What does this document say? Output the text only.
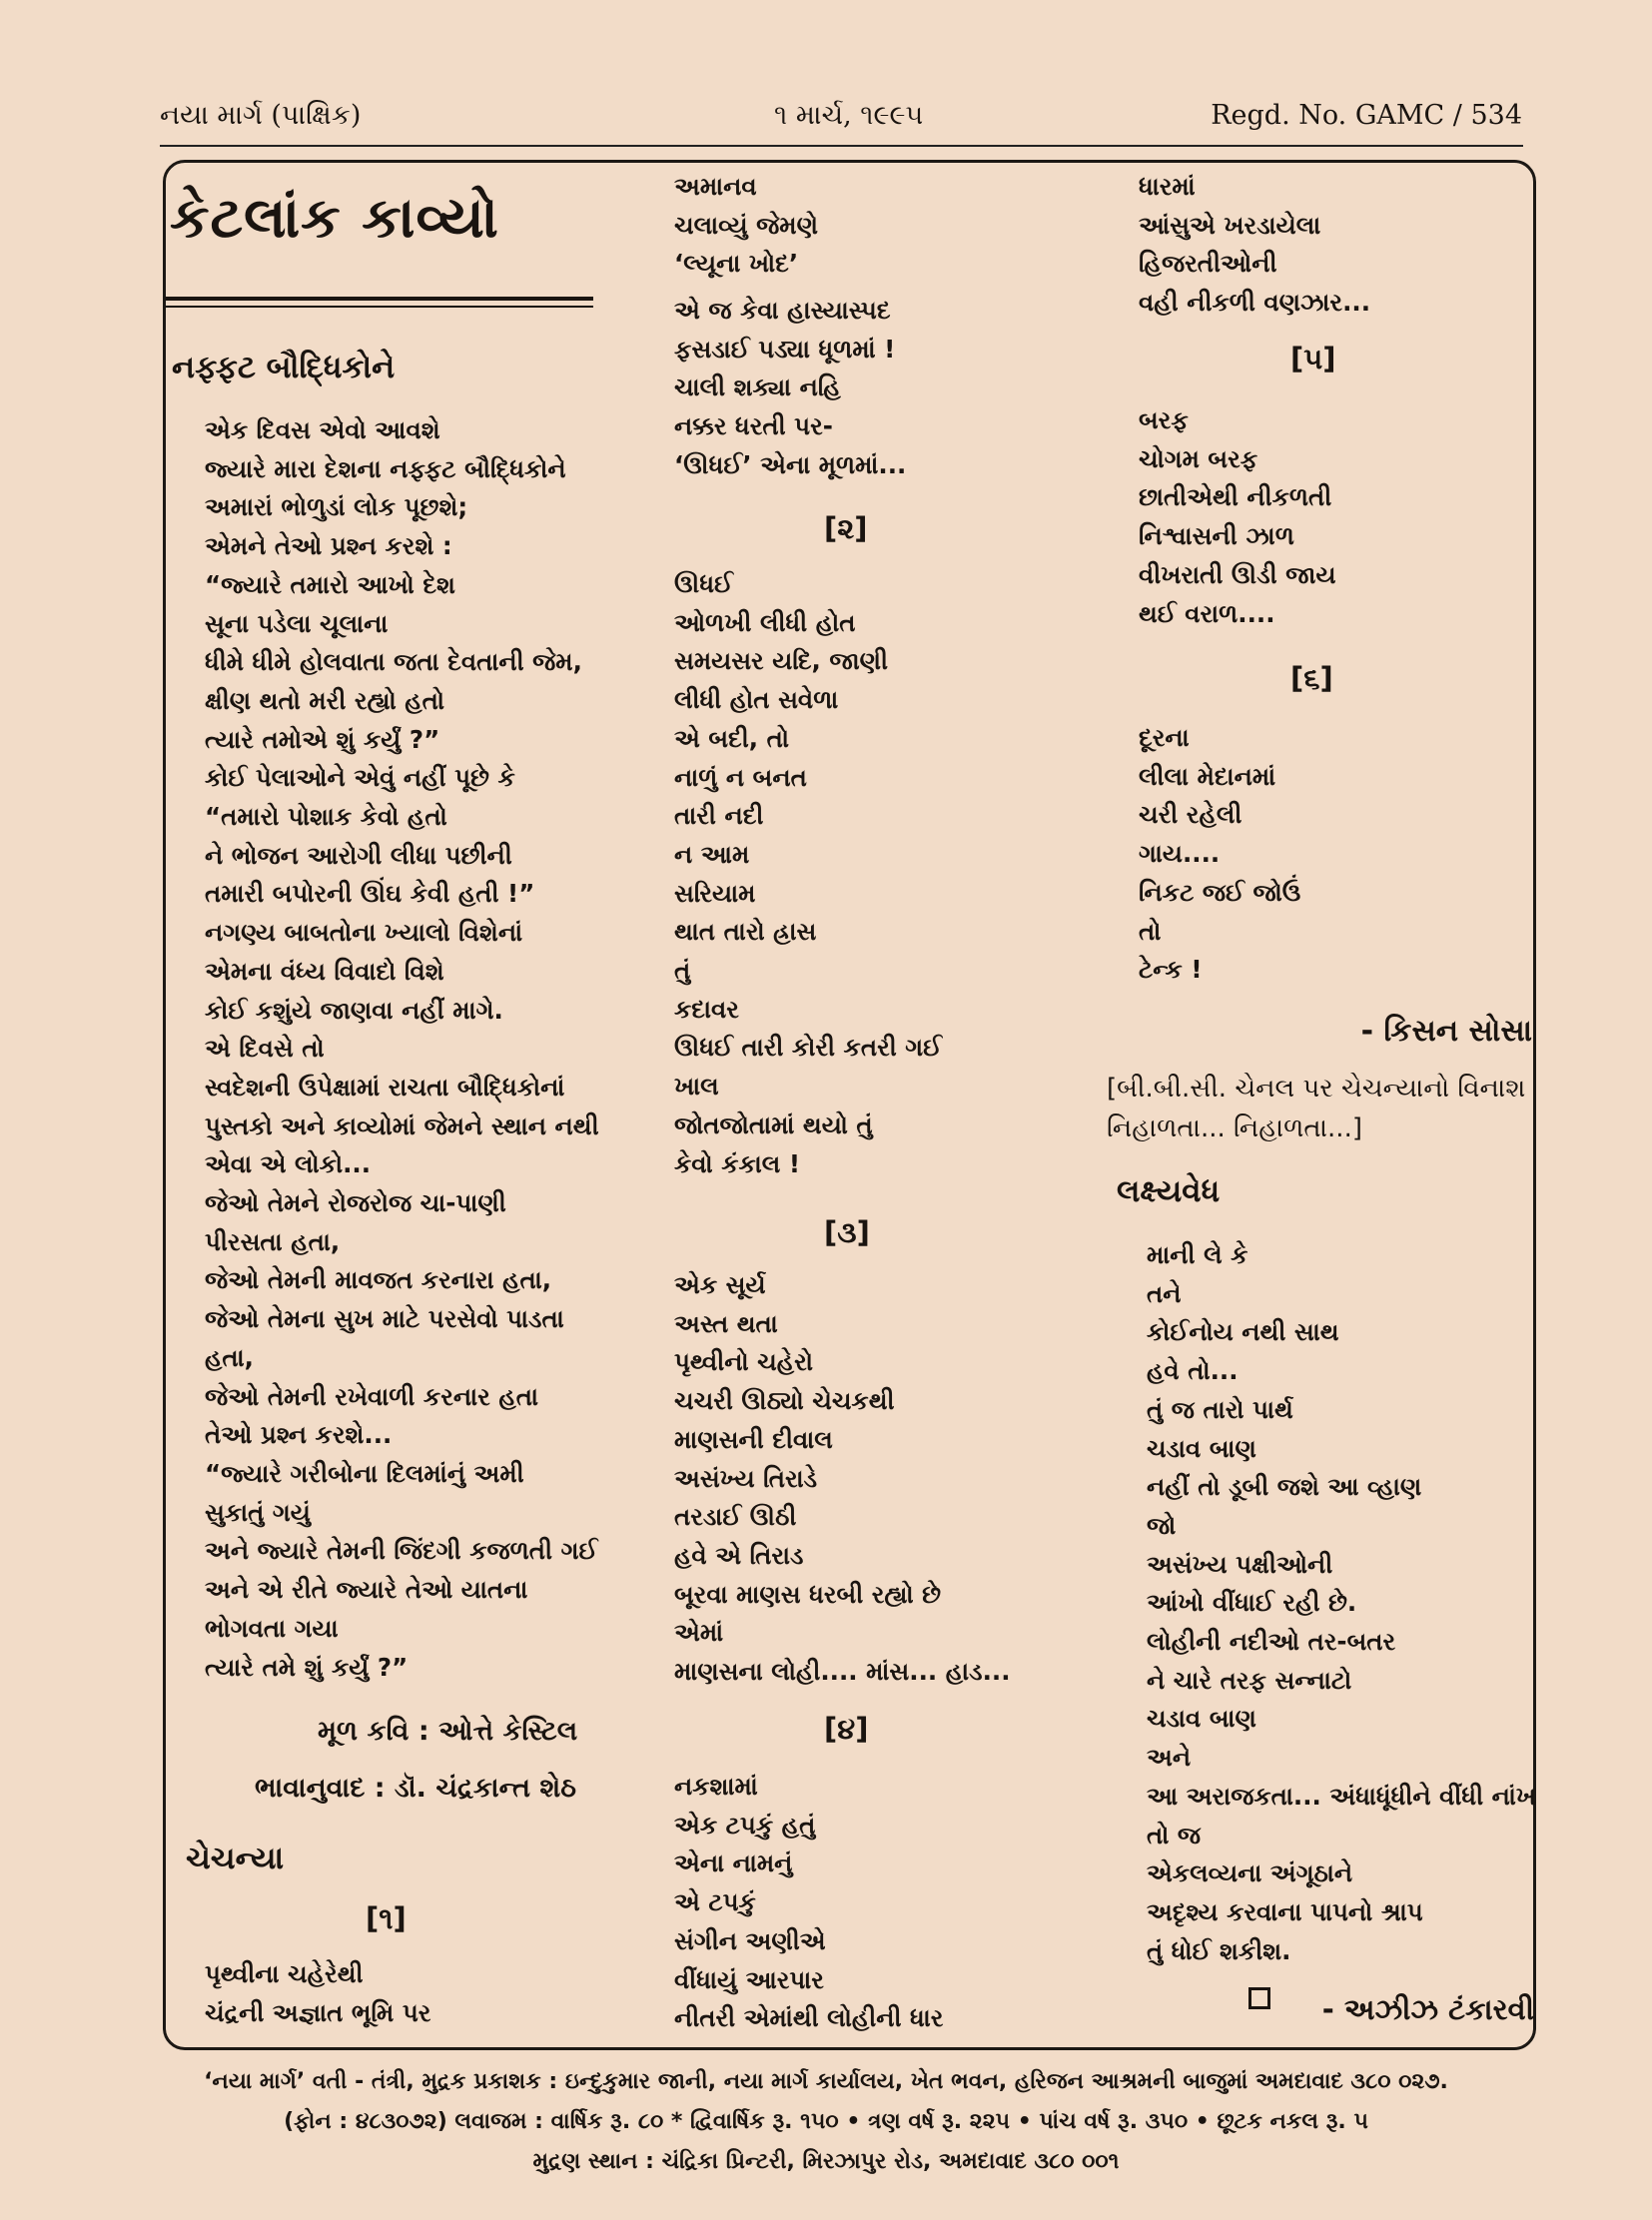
નયા માર્ગ (પાક્ષિક)	૧ માર્ચ, ૧૯૯૫	Regd. No. GAMC / 534
કેટલાંક કાવ્યો
નફ્ફટ બૌદ્ધિકોને
એક દિવસ એવો આવશે
જ્યારે મારા દેશના નફ્ફટ બૌદ્ધિકોને
અમારાં ભોળુડાં લોક પૂછશે;
એમને તેઓ પ્રશ્ન કરશે :
“જ્યારે તમારો આખો દેશ
સૂના પડેલા ચૂલાના
ધીમે ધીમે હોલવાતા જતા દેવતાની જેમ,
ક્ષીણ થતો મરી રહ્યો હતો
ત્યારે તમોએ શું કર્યું ?”
કોઈ પેલાઓને એવું નહીં પૂછે કે
“તમારો પોશાક કેવો હતો
ને ભોજન આરોગી લીધા પછીની
તમારી બપોરની ઊંઘ કેવી હતી !”
નગણ્ય બાબતોના ખ્યાલો વિશેનાં
એમના વંધ્ય વિવાદો વિશે
કોઈ કશુંયે જાણવા નહીં માગે.
એ દિવસે તો
સ્વદેશની ઉપેક્ષામાં રાચતા બૌદ્ધિકોનાં
પુસ્તકો અને કાવ્યોમાં જેમને સ્થાન નથી
એવા એ લોકો...
જેઓ તેમને રોજરોજ ચા-પાણી
પીરસતા હતા,
જેઓ તેમની માવજત કરનારા હતા,
જેઓ તેમના સુખ માટે પરસેવો પાડતા
હતા,
જેઓ તેમની રખેવાળી કરનાર હતા
તેઓ પ્રશ્ન કરશે...
“જ્યારે ગરીબોના દિલમાંનું અમી
સુકાતું ગયું
અને જ્યારે તેમની જિંદગી કજળતી ગઈ
અને એ રીતે જ્યારે તેઓ યાતના
ભોગવતા ગયા
ત્યારે તમે શું કર્યું ?”
મૂળ કવિ : ઓત્તે કેસ્ટિલ
ભાવાનુવાદ : ડૉ. ચંદ્રકાન્ત શેઠ
ચેચન્યા
[૧]
પૃથ્વીના ચહેરેથી
ચંદ્રની અજ્ઞાત ભૂમિ પર
અમાનવ
ચલાવ્યું જેમણે
‘લ્યૂના ખોદ’
એ જ કેવા હાસ્યાસ્પદ
ફસડાઈ પડ્યા ધૂળમાં !
ચાલી શક્યા નહિ
નક્કર ધરતી પર-
‘ઊધઈ’ એના મૂળમાં...
[૨]
ઊધઈ
ઓળખી લીધી હોત
સમયસર યદિ, જાણી
લીધી હોત સવેળા
એ બદી, તો
નાળું ન બનત
તારી નદી
ન આમ
સરિયામ
થાત તારો હ્રાસ
તું
કદાવર
ઊધઈ તારી કોરી કતરી ગઈ
ખાલ
જોતજોતામાં થયો તું
કેવો કંકાલ !
[૩]
એક સૂર્ય
અસ્ત થતા
પૃથ્વીનો ચહેરો
ચચરી ઊઠ્યો ચેચકથી
માણસની દીવાલ
અસંખ્ય તિરાડે
તરડાઈ ઊઠી
હવે એ તિરાડ
બૂરવા માણસ ધરબી રહ્યો છે
એમાં
માણસના લોહી.... માંસ... હાડ...
[૪]
નકશામાં
એક ટપકું હતું
એના નામનું
એ ટપકું
સંગીન અણીએ
વીંધાયું આરપાર
નીતરી એમાંથી લોહીની ધાર
ધારમાં
આંસુએ ખરડાયેલા
હિજરતીઓની
વહી નીકળી વણઝાર...
[૫]
બરફ
ચોગમ બરફ
છાતીએથી નીકળતી
નિશ્વાસની ઝાળ
વીખરાતી ઊડી જાય
થઈ વરાળ....
[૬]
દૂરના
લીલા મેદાનમાં
ચરી રહેલી
ગાય....
નિકટ જઈ જોઉં
તો
ટેન્ક !
- કિસન સોસા
[બી.બી.સી. ચેનલ પર ચેચન્યાનો વિનાશ
નિહાળતા... નિહાળતા...]
લક્ષ્યવેધ
માની લે કે
તને
કોઈનોય નથી સાથ
હવે તો...
તું જ તારો પાર્થ
ચડાવ બાણ
નહીં તો ડૂબી જશે આ વ્હાણ
જો
અસંખ્ય પક્ષીઓની
આંખો વીંધાઈ રહી છે.
લોહીની નદીઓ તર-બતર
ને ચારે તરફ સન્નાટો
ચડાવ બાણ
અને
આ અરાજકતા... અંધાધૂંધીને વીંધી નાંખ
તો જ
એકલવ્યના અંગૂઠાને
અદૃશ્ય કરવાના પાપનો શ્રાપ
તું ધોઈ શકીશ.
- અઝીઝ ટંકારવી
‘નયા માર્ગ’ વતી - તંત્રી, મુદ્રક પ્રકાશક : ઇન્દુકુમાર જાની, નયા માર્ગ કાર્યાલય, ખેત ભવન, હરિજન આશ્રમની બાજુમાં અમદાવાદ ૩૮૦ ૦૨૭.
(ફોન : ૪૮૩૦૭૨) લવાજમ : વાર્ષિક રૂ. ૮૦ * દ્વિવાર્ષિક રૂ. ૧૫૦ • ત્રણ વર્ષ રૂ. ૨૨૫ • પાંચ વર્ષ રૂ. ૩૫૦ • છૂટક નકલ રૂ. ૫
મુદ્રણ સ્થાન : ચંદ્રિકા પ્રિન્ટરી, મિરઝાપુર રોડ, અમદાવાદ ૩૮૦ ૦૦૧
